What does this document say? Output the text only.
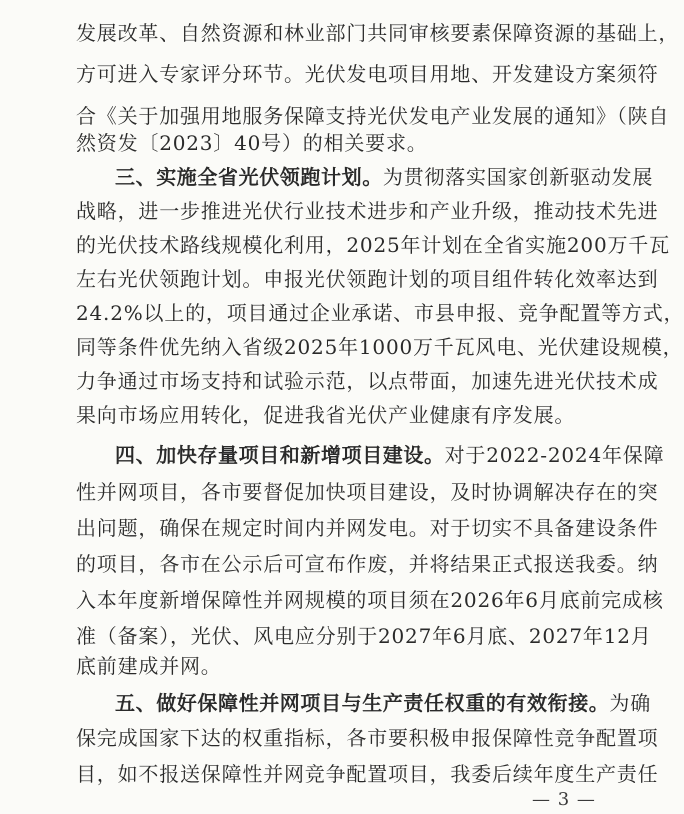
发展改革、自然资源和林业部门共同审核要素保障资源的基础上，
方可进入专家评分环节。光伏发电项目用地、开发建设方案须符
合《关于加强用地服务保障支持光伏发电产业发展的通知》（陕自
然资发〔2023〕40号）的相关要求。
三、实施全省光伏领跑计划。为贯彻落实国家创新驱动发展
战略，进一步推进光伏行业技术进步和产业升级，推动技术先进
的光伏技术路线规模化利用，2025年计划在全省实施200万千瓦
左右光伏领跑计划。申报光伏领跑计划的项目组件转化效率达到
24.2%以上的，项目通过企业承诺、市县申报、竞争配置等方式，
同等条件优先纳入省级2025年1000万千瓦风电、光伏建设规模，
力争通过市场支持和试验示范，以点带面，加速先进光伏技术成
果向市场应用转化，促进我省光伏产业健康有序发展。
四、加快存量项目和新增项目建设。对于2022-2024年保障
性并网项目，各市要督促加快项目建设，及时协调解决存在的突
出问题，确保在规定时间内并网发电。对于切实不具备建设条件
的项目，各市在公示后可宣布作废，并将结果正式报送我委。纳
入本年度新增保障性并网规模的项目须在2026年6月底前完成核
准（备案），光伏、风电应分别于2027年6月底、2027年12月
底前建成并网。
五、做好保障性并网项目与生产责任权重的有效衔接。为确
保完成国家下达的权重指标，各市要积极申报保障性竞争配置项
目，如不报送保障性并网竞争配置项目，我委后续年度生产责任
— 3 —
